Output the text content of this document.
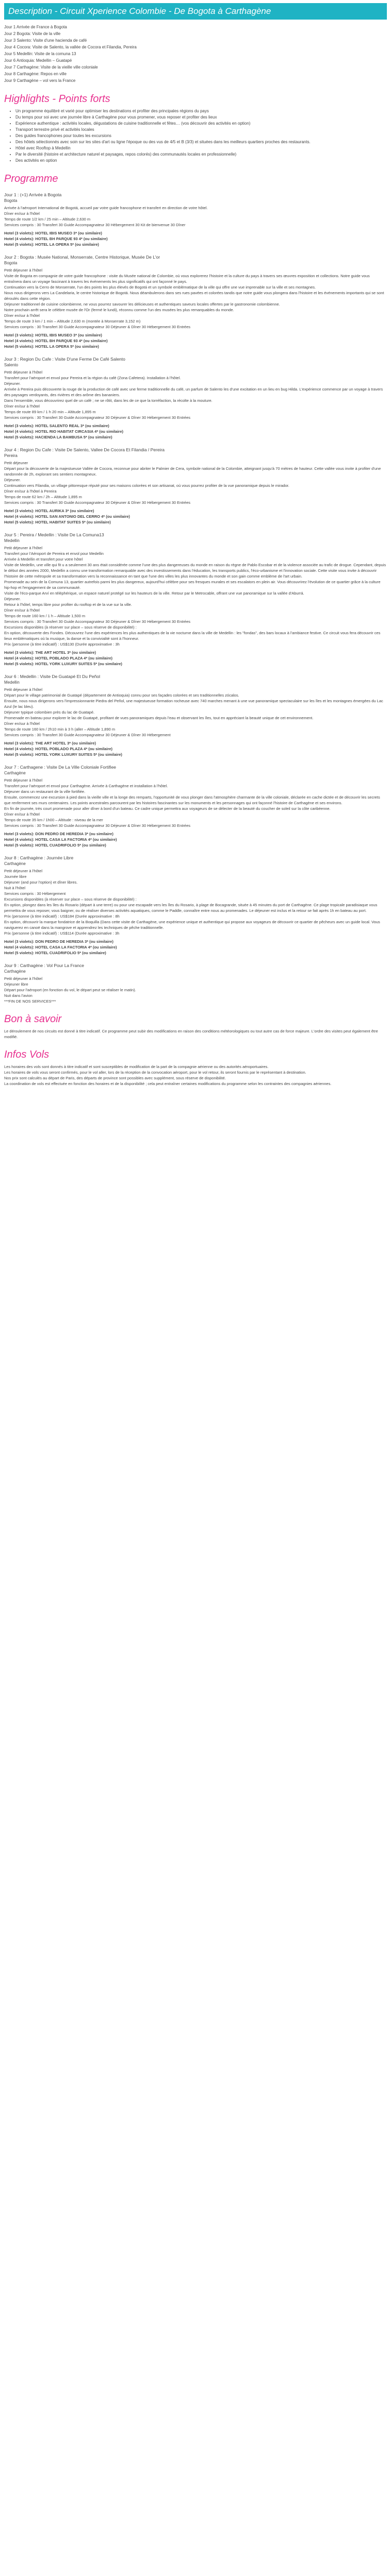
Description - Circuit Xperience Colombie - De Bogota à Carthagène

Jour 1 Arrivée de France à Bogota

Jour 2 Bogota: Visite de la ville

Jour 3 Salento: Visite d'une hacienda de café

Jour 4 Cocora: Visite de Salento, la vallée de Cocora et Filandia, Pereira

Jour 5 Medellin: Visite de la comuna 13

Jour 6 Antioquia: Medellin – Guatapé

Jour 7 Carthagène: Visite de la vieille ville coloniale

Jour 8 Carthagène: Repos en ville

Jour 9 Carthagène – vol vers la France

Highlights - Points forts
• Un programme équilibré et varié pour optimiser les destinations et profiter des principales régions du pays
• Du temps pour soi avec une journée libre à Carthagène pour vous promener, vous reposer et profiter des lieux
• Expérience authentique : activités locales, dégustations de cuisine traditionnelle et fêtes… (vos découvrir des activités en option)
• Transport terrestre privé et activités locales
• Des guides francophones pour toutes les excursions
• Des hôtels sélectionnés avec soin sur les sites d'art ou ligne l'époque ou des vus de 4/5 et B (3/3) et situées dans les meilleurs quartiers proches des restaurants.
• Hôtel avec Rooftop à Medellin
• Par le diversité (histoire et architecture naturel et paysages, repos colorés) des communautés locales en professionnelle)
• Des activités en option
Programme
Jour 1 : (+1) Arrivée à Bogota
Bogota

Arrivée à l'aéroport International de Bogotá, accueil par votre guide francophone et transfert en direction de votre hôtel.
Dîner en/sur à l'hôtel
Temps de route 1/2 km / 25 min – Altitude 2,630 m
Services compris : 30 Transfert 30 Guide Accompagnateur 30 Hébergement 30 Kit de bienvenue 30 Dîner

Hotel (3 violets): HOTEL IBIS MUSEO 3* (ou similaire)
Hotel (4 violets): HOTEL BH PARQUE 93 4* (ou similaire)
Hotel (5 violets): HOTEL LA OPERA 5* (ou similaire)
Jour 2 : Bogota : Musée National, Monserrate, Centre Historique, Musée De L'or
Bogota

Petit déjeuner à l'hôtel
Visite de Bogota en compagnie de votre guide francophone : visite du Musée national de Colombie, où vous explorerez l'histoire et la culture du pays à travers ses œuvres exposition et collections. Notre guide vous entraînera dans un voyage fascinant à travers les événements les plus significatifs qui ont façonné le pays.
Continuation vers la Cerro de Monserrate, l'un des points les plus élevés de Bogotá et un symbole emblématique de la ville qui offre une vue imprenable sur la ville et ses montagnes.
Nous nous dirigerons vers La Candelaria, le centre historique de Bogotá. Nous déambulerons dans ses rues pavées et colorées tandis que notre guide vous plongera dans l'histoire et les événements importants qui se sont déroulés dans cette région.
Déjeuner traditionnel de cuisine colombienne, ne vous pourrez savourer les délicieuses et authentiques saveurs locales offertes par le gastronomie colombienne.
Notre prochain arrêt sera le célèbre musée de l'Or (fermé le lundi), réconnu comme l'un des musées les plus remarquables du monde.
Dîner en/sur à l'hôtel
Temps de route 3 km / 1 min – Altitude 2,630 m (montée à Monserrate 3,152 m)
Services compris : 30 Transfert 30 Guide Accompagnateur 30 Déjeuner & Dîner 30 Hébergement 30 Entrées

Hotel (3 violets): HOTEL IBIS MUSEO 3* (ou similaire)
Hotel (4 violets): HOTEL BH PARQUE 93 4* (ou similaire)
Hotel (5 violets): HOTEL LA OPERA 5* (ou similaire)
Jour 3 : Region Du Cafe : Visite D'une Ferme De Café Salento
Salento

Petit déjeuner à l'hôtel
Transfert pour l'aéroport et envol pour Pereira et la région du café (Zona Cafetera). Installation à l'hôtel.
Déjeuner.
Arrivée à Pereira puis découverte la rouge de la production de café avec une ferme traditionnelle du café, un parfum de Salento les d'une excitation en un lieu en bug Hilda. L'expérience commence par un voyage à travers des paysages verdoyants, des rivières et des arôme des bananiers.
Dans l'ensemble, vous découvrirez quel de un café ; ne se rôtit, dans les de ce que la torréfaction, la récolte à la mouture.
Dîner en/sur à l'hôtel
Temps de route 89 km / 1 h 20 min – Altitude 1,895 m
Services compris : 30 Transfert 30 Guide Accompagnateur 30 Déjeuner & Dîner 30 Hébergement 30 Entrées

Hotel (3 violets): HOTEL SALENTO REAL 3* (ou similaire)
Hotel (4 violets): HOTEL RIO HABITAT CIRCASIA 4* (ou similaire)
Hotel (5 violets): HACIENDA LA BAMBUSA 5* (ou similaire)
Jour 4 : Region Du Cafe : Visite De Salento, Vallee De Cocora Et Filandia / Pereira
Pereira

Petit déjeuner
Départ pour la découverte de la majestueuse Vallée de Cocora, reconnue pour abriter le Palmier de Cera, symbole national de la Colombie, atteignant jusqu'à 70 mètres de hauteur. Cette vallée vous invite à profiter d'une randonnée de 2h, explorant ses sentiers montagneux.
Déjeuner.
Continuation vers Filandia, un village pittoresque réputé pour ses maisons colorées et son artisanat, où vous pourrez profiter de la vue panoramique depuis le mirador.
Dîner en/sur à l'hôtel à Pereira
Temps de route 62 km / 2h – Altitude 1,895 m
Services compris : 30 Transfert 30 Guide Accompagnateur 30 Déjeuner & Dîner 30 Hébergement 30 Entrées

Hotel (3 violets): HOTEL AURIKA 3* (ou similaire)
Hotel (4 violets): HOTEL SAN ANTONIO DEL CERRO 4* (ou similaire)
Hotel (5 violets): HOTEL HABITAT SUITES 5* (ou similaire)
Jour 5 : Pereira / Medellin : Visite De La Comuna13
Medellin

Petit déjeuner à l'hôtel
Transfert pour l'Aéroport de Pereira et envol pour Medellin
Arrivée à Medellin et transfert pour votre hôtel
Visite de Medellin, une ville qui fit u a seulement 30 ans était considérée comme l'une des plus dangereuses du monde en raison du règne de Pablo Escobar et de la violence associée au trafic de drogue. Cependant, depuis le début des années 2000, Medellin a connu une transformation remarquable avec des investissements dans l'éducation, les transports publics, l'éco-urbanisme et l'innovation sociale. Cette visite vous invite à découvrir l'histoire de cette métropole et sa transformation vers la reconnaissance en tant que l'une des villes les plus innovantes du monde et son gain comme emblème de l'art urbain.
Promenade au sein de la Comuna 13, quartier autrefois parmi les plus dangereux, aujourd'hui célèbre pour ses fresques murales et ses escalators en plein air. Vous découvrirez l'évolution de ce quartier grâce à la culture hip-hop et l'engagement de sa communauté.
Visite de l'éco-parque Arví en téléphérique, un espace naturel protégé sur les hauteurs de la ville. Retour par le Metrocable, offrant une vue panoramique sur la vallée d'Aburrá.
Déjeuner.
Retour à l'hôtel, temps libre pour profiter du rooftop et de la vue sur la ville.
Dîner en/sur à l'hôtel
Temps de route 160 km / 1 h – Altitude 1,500 m
Services compris : 30 Transfert 30 Guide Accompagnateur 30 Déjeuner & Dîner 30 Hébergement 30 Entrées
Excursions disponibles (à réserver sur place – sous réserve de disponibilité) :
En option, découverte des Fondes. Découvrez l'une des expériences les plus authentiques de la vie nocturne dans la ville de Medellin : les "fondas", des bars locaux à l'ambiance festive. Ce circuit vous fera découvrir ces lieux emblématiques où la musique, la danse et la convivialité sont à l'honneur.
Prix (personne (à titre indicatif) : US$130 (Durée approximative : 3h

Hotel (3 violets): THE ART HOTEL 3* (ou similaire)
Hotel (4 violets): HOTEL POBLADO PLAZA 4* (ou similaire)
Hotel (5 violets): HOTEL YORK LUXURY SUITES 5* (ou similaire)
Jour 6 : Medellin : Visite De Guatapé Et Du Peñol
Medellin

Petit déjeuner à l'hôtel
Départ pour le village patrimonial de Guatapé (département de Antioquia) connu pour ses façades colorées et ses traditionnelles zócalos.
Ensuite, nous nous dirigerons vers l'impressionnante Piedra del Peñol, une majestueuse formation rocheuse avec 740 marches menant à une vue panoramique spectaculaire sur les îles et les montagnes émergées du Lac Azul (le lac bleu).
Déjeuner typique colombien près du lac de Guatapé.
Promenade en bateau pour explorer le lac de Guatapé, profitant de vues panoramiques depuis l'eau et observant les îles, tout en appréciant la beauté unique de cet environnement.
Dîner en/sur à l'hôtel
Temps de route 160 km / 2h10 min à 3 h (aller – Altitude 1,890 m
Services compris : 30 Transfert 30 Guide Accompagnateur 30 Déjeuner & Dîner 30 Hébergement

Hotel (3 violets): THE ART HOTEL 3* (ou similaire)
Hotel (4 violets): HOTEL POBLADO PLAZA 4* (ou similaire)
Hotel (5 violets): HOTEL YORK LUXURY SUITES 5* (ou similaire)
Jour 7 : Carthagene : Visite De La Ville Coloniale Fortifiee
Carthagène

Petit déjeuner à l'hôtel
Transfert pour l'aéroport et envol pour Carthagène. Arrivée à Carthagène et installation à l'hôtel.
Déjeuner dans un restaurant de la ville fortifiée.
Ensuite, commencez une excursion à pied dans la vieille ville et la longe des remparts, l'opportunité de vous plonger dans l'atmosphère charmante de la ville coloniale, déclarée en cache dictée et de découvrir les secrets que renferment ses murs centenaires. Les points ancestrales parcourent par les histoires fascinantes sur les monuments et les personnages qui ont façonné l'histoire de Carthagène et ses environs.
En fin de journée, très court promenade pour aller dîner à bord d'un bateau. Ce cadre unique permettra aux voyageurs de se délecter de la beauté du coucher de soleil sur la côte caribéenne.
Dîner en/sur à l'hôtel
Temps de route 35 km / 1h00 – Altitude : niveau de la mer
Services compris : 30 Transfert 30 Guide Accompagnateur 30 Déjeuner & Dîner 30 Hébergement 30 Entrées

Hotel (3 violets): DON PEDRO DE HEREDIA 3* (ou similaire)
Hotel (4 violets): HOTEL CASA LA FACTORIA 4* (ou similaire)
Hotel (5 violets): HOTEL CUADRIFOLIO 5* (ou similaire)
Jour 8 : Carthagène : Journée Libre
Carthagène

Petit déjeuner à l'hôtel
Journée libre
Déjeuner (and pour l'option) et dîner libres.
Nuit à l'hôtel
Services compris : 30 Hébergement
Excursions disponibles (à réserver sur place – sous réserve de disponibilité) :
En option, plongez dans les îles du Rosario (départ à une terre) ou pour une escapade vers les îles du Rosario, à plage de Bocagrande, située à 45 minutes du port de Carthagène. Ce plage tropicale paradisiaque vous permettra de vous reposer, vous baigner, ou de réaliser diverses activités aquatiques, comme le Paddle, connaître entre nous au promenades. Le déjeuner est inclus et la retour se fait après 1h en bateau au port.
Prix (personne (à titre indicatif) : US$184 (Durée approximative : 8h
En option, découvrir la marque fondatrice de la Boquilla (Dans cette visite de Carthagène, une expérience unique et authentique qui propose aux voyageurs de découvrir ce quartier de pêcheurs avec un guide local. Vous naviguerez en canoë dans la mangrove et apprendrez les techniques de pêche traditionnelle.
Prix (personne (à titre indicatif) : US$114 (Durée approximative : 3h

Hotel (3 violets): DON PEDRO DE HEREDIA 3* (ou similaire)
Hotel (4 violets): HOTEL CASA LA FACTORIA 4* (ou similaire)
Hotel (5 violets): HOTEL CUADRIFOLIO 5* (ou similaire)
Jour 9 : Carthagène : Vol Pour La France
Carthagène

Petit déjeuner à l'hôtel
Déjeuner libre
Départ pour l'aéroport (en fonction du vol, le départ peut se réaliser le matin).
Nuit dans l'avion
***FIN DE NOS SERVICES***

Bon à savoir

Le déroulement de nos circuits est donné à titre indicatif. Ce programme peut subir des modifications en raison des conditions météorologiques ou tout autre cas de force majeure. L'ordre des visites peut également être modifié.

Infos Vols

Les horaires des vols sont donnés à titre indicatif et sont susceptibles de modification de la part de la compagnie aérienne ou des autorités aéroportuaires.
Les horaires de vols vous seront confirmés, pour le vol aller, lors de la réception de la convocation aéroport, pour le vol retour, ils seront fournis par le représentant à destination.
Nos prix sont calculés au départ de Paris, des départs de province sont possibles avec supplément, sous réserve de disponibilité.
La coordination de vols est effectuée en fonction des horaires et de la disponibilité ; cela peut entraîner certaines modifications du programme selon les contraintes des compagnies aériennes.
